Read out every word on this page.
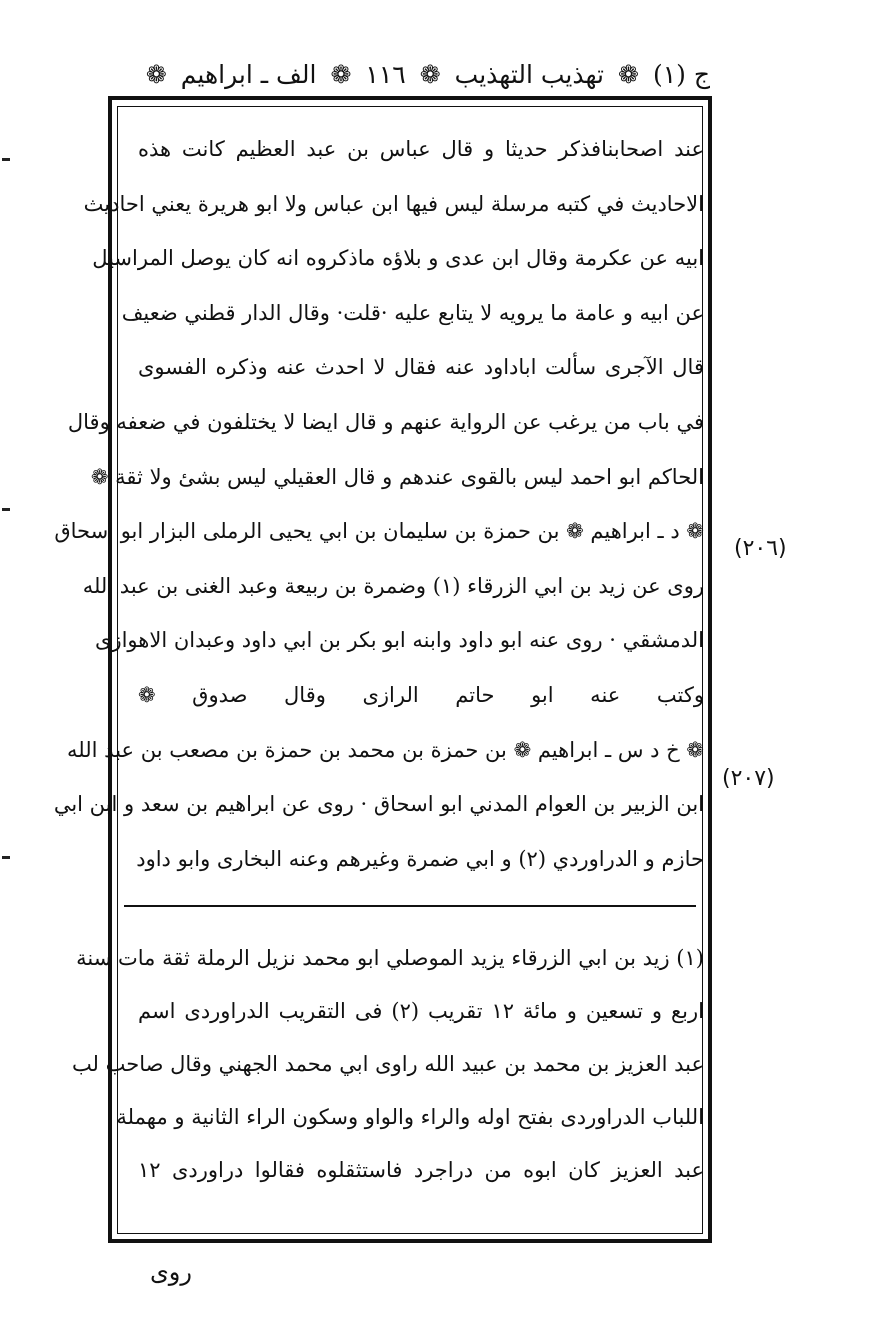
ج (١)
❁
تهذيب التهذيب
❁
١١٦
❁
الف ـ ابراهيم
❁
عند اصحابنافذكر حديثا و قال عباس بن عبد العظيم كانت هذه
الاحاديث في كتبه مرسلة ليس فيها ابن عباس ولا ابو هريرة يعني احاديث
ابيه عن عكرمة وقال ابن عدى و بلاؤه ماذكروه انه كان يوصل المراسيل
عن ابيه و عامة ما يرويه لا يتابع عليه ·قلت· وقال الدار قطني ضعيف
قال الآجرى سألت اباداود عنه فقال لا احدث عنه وذكره الفسوى
في باب من يرغب عن الرواية عنهم و قال ايضا لا يختلفون في ضعفه وقال
الحاكم ابو احمد ليس بالقوى عندهم و قال العقيلي ليس بشئ ولا ثقة ❁
❁ د ـ ابراهيم ❁ بن حمزة بن سليمان بن ابي يحيى الرملى البزار ابو اسحاق
روى عن زيد بن ابي الزرقاء (١) وضمرة بن ربيعة وعبد الغنى بن عبد الله
الدمشقي · روى عنه ابو داود وابنه ابو بكر بن ابي داود وعبدان الاهوازى
وكتب عنه ابو حاتم الرازى وقال صدوق ❁
❁ خ د س ـ ابراهيم ❁ بن حمزة بن محمد بن حمزة بن مصعب بن عبد الله
ابن الزبير بن العوام المدني ابو اسحاق · روى عن ابراهيم بن سعد و ابن ابي
حازم و الدراوردي (٢) و ابي ضمرة وغيرهم وعنه البخارى وابو داود
(١) زيد بن ابي الزرقاء يزيد الموصلي ابو محمد نزيل الرملة ثقة مات سنة
اربع و تسعين و مائة ١٢ تقريب (٢) فى التقريب الدراوردى اسم
عبد العزيز بن محمد بن عبيد الله راوى ابي محمد الجهني وقال صاحب لب
اللباب الدراوردى بفتح اوله والراء والواو وسكون الراء الثانية و مهملة
عبد العزيز كان ابوه من دراجرد فاستثقلوه فقالوا دراوردى ١٢
(٢٠٦)
(٢٠٧)
روى
